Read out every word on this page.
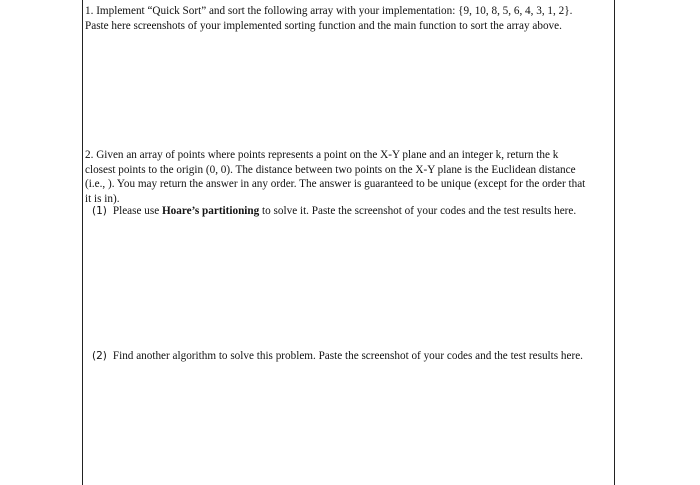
1. Implement “Quick Sort” and sort the following array with your implementation: {9, 10, 8, 5, 6, 4, 3, 1, 2}.
Paste here screenshots of your implemented sorting function and the main function to sort the array above.
2. Given an array of points where points represents a point on the X-Y plane and an integer k, return the k
closest points to the origin (0, 0). The distance between two points on the X-Y plane is the Euclidean distance
(i.e., ). You may return the answer in any order. The answer is guaranteed to be unique (except for the order that
it is in).
(1) Please use Hoare’s partitioning to solve it. Paste the screenshot of your codes and the test results here.
(2) Find another algorithm to solve this problem. Paste the screenshot of your codes and the test results here.
